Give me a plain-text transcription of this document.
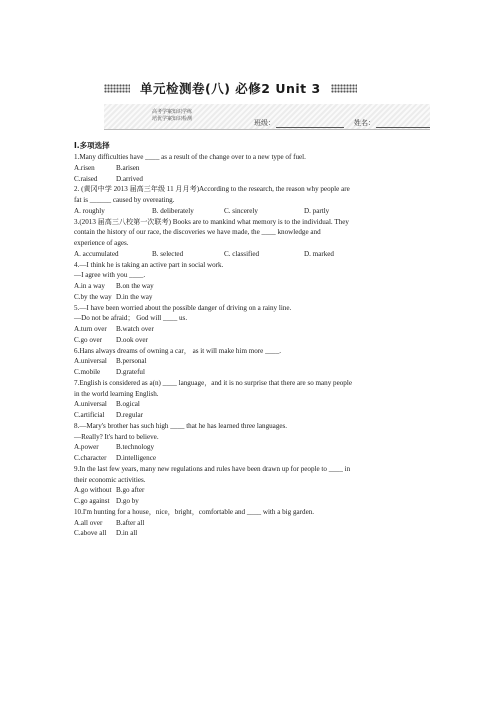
单元检测卷(八) 必修2 Unit 3
高考学案知识学练
培优学案知识检测	班级：	姓名：
Ⅰ.多项选择
1.Many difficulties have ____ as a result of the change over to a new type of fuel.
A.risen	B.arisen
C.raised	D.arrived
2. (黄冈中学 2013 届高三年级 11 月月考)According to the research, the reason why people are
fat is ______ caused by overeating.
A. roughly	B. deliberately	C. sincerely	D. partly
3.(2013 届高三八校第一次联考) Books are to mankind what memory is to the individual. They
contain the history of our race, the discoveries we have made, the ____ knowledge and
experience of ages.
A. accumulated	B. selected	C. classified	D. marked
4.—I think he is taking an active part in social work.
—I agree with you ____.
A.in a way B.on the way
C.by the way D.in the way
5.—I have been worried about the possible danger of driving on a rainy line.
—Do not be afraid； God will ____ us.
A.turn over B.watch over
C.go over D.ook over
6.Hans always dreams of owning a car， as it will make him more ____.
A.universal B.personal
C.mobile D.grateful
7.English is considered as a(n) ____ language，and it is no surprise that there are so many people
in the world learning English.
A.universal B.ogical
C.artificial D.regular
8.—Mary's brother has such high ____ that he has learned three languages.
—Really? It's hard to believe.
A.power B.technology
C.character D.intelligence
9.In the last few years, many new regulations and rules have been drawn up for people to ____ in
their economic activities.
A.go without B.go after
C.go against D.go by
10.I'm hunting for a house，nice，bright，comfortable and ____ with a big garden.
A.all over B.after all
C.above all D.in all
